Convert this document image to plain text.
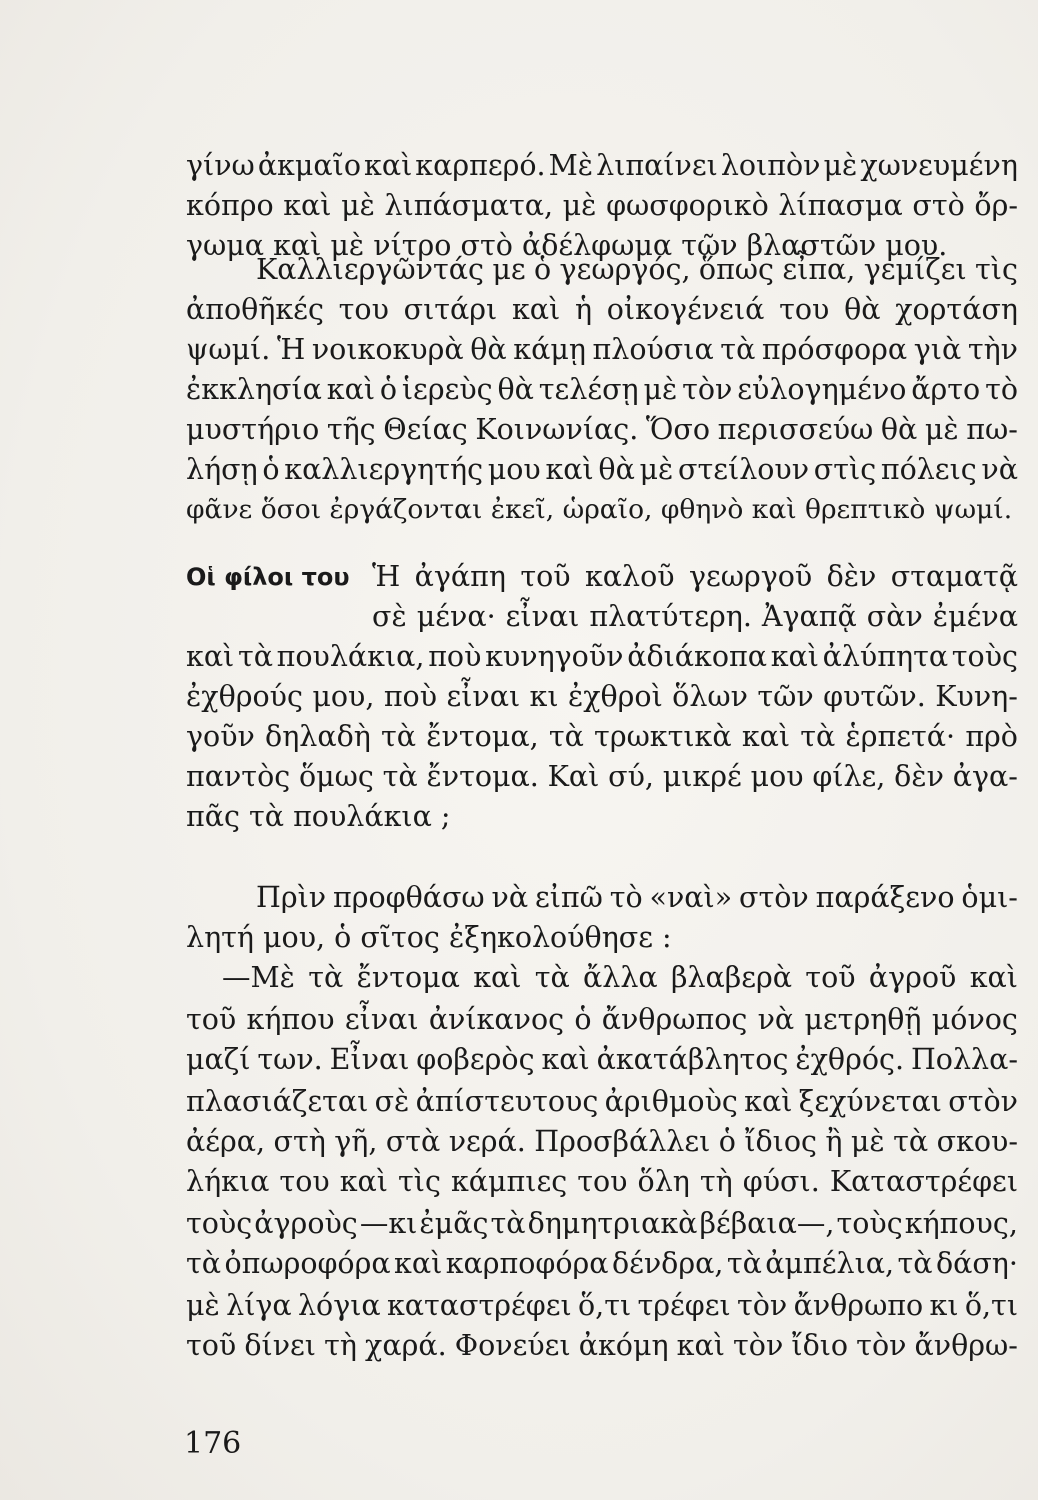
γίνω ἀκμαῖο καὶ καρπερό. Μὲ λιπαίνει λοιπὸν μὲ χωνευμένη
κόπρο καὶ μὲ λιπάσματα, μὲ φωσφορικὸ λίπασμα στὸ ὄρ-
γωμα καὶ μὲ νίτρο στὸ ἀδέλφωμα τῶν βλαστῶν μου.
Καλλιεργῶντάς με ὁ γεωργός, ὅπως εἶπα, γεμίζει τὶς
ἀποθῆκές του σιτάρι καὶ ἡ οἰκογένειά του θὰ χορτάση
ψωμί. Ἡ νοικοκυρὰ θὰ κάμῃ πλούσια τὰ πρόσφορα γιὰ τὴν
ἐκκλησία καὶ ὁ ἱερεὺς θὰ τελέσῃ μὲ τὸν εὐλογημένο ἄρτο τὸ
μυστήριο τῆς Θείας Κοινωνίας. Ὅσο περισσεύω θὰ μὲ πω-
λήσῃ ὁ καλλιεργητής μου καὶ θὰ μὲ στείλουν στὶς πόλεις νὰ
φᾶνε ὅσοι ἐργάζονται ἐκεῖ, ὡραῖο, φθηνὸ καὶ θρεπτικὸ ψωμί.
Οἱ φίλοι του Ἡ ἀγάπη τοῦ καλοῦ γεωργοῦ δὲν σταματᾷ
σὲ μένα· εἶναι πλατύτερη. Ἀγαπᾷ σὰν ἐμένα
καὶ τὰ πουλάκια, ποὺ κυνηγοῦν ἀδιάκοπα καὶ ἀλύπητα τοὺς
ἐχθρούς μου, ποὺ εἶναι κι ἐχθροὶ ὅλων τῶν φυτῶν. Κυνη-
γοῦν δηλαδὴ τὰ ἔντομα, τὰ τρωκτικὰ καὶ τὰ ἑρπετά· πρὸ
παντὸς ὅμως τὰ ἔντομα. Καὶ σύ, μικρέ μου φίλε, δὲν ἀγα-
πᾶς τὰ πουλάκια ;
Πρὶν προφθάσω νὰ εἰπῶ τὸ «ναὶ» στὸν παράξενο ὁμι-
λητή μου, ὁ σῖτος ἐξηκολούθησε :
—Μὲ τὰ ἔντομα καὶ τὰ ἄλλα βλαβερὰ τοῦ ἀγροῦ καὶ
τοῦ κήπου εἶναι ἀνίκανος ὁ ἄνθρωπος νὰ μετρηθῇ μόνος
μαζί των. Εἶναι φοβερὸς καὶ ἀκατάβλητος ἐχθρός. Πολλα-
πλασιάζεται σὲ ἀπίστευτους ἀριθμοὺς καὶ ξεχύνεται στὸν
ἀέρα, στὴ γῆ, στὰ νερά. Προσβάλλει ὁ ἴδιος ἢ μὲ τὰ σκου-
λήκια του καὶ τὶς κάμπιες του ὅλη τὴ φύσι. Καταστρέφει
τοὺς ἀγροὺς —κι ἐμᾶς τὰ δημητριακὰ βέβαια—, τοὺς κήπους,
τὰ ὀπωροφόρα καὶ καρποφόρα δένδρα, τὰ ἀμπέλια, τὰ δάση·
μὲ λίγα λόγια καταστρέφει ὅ,τι τρέφει τὸν ἄνθρωπο κι ὅ,τι
τοῦ δίνει τὴ χαρά. Φονεύει ἀκόμη καὶ τὸν ἴδιο τὸν ἄνθρω-
176
